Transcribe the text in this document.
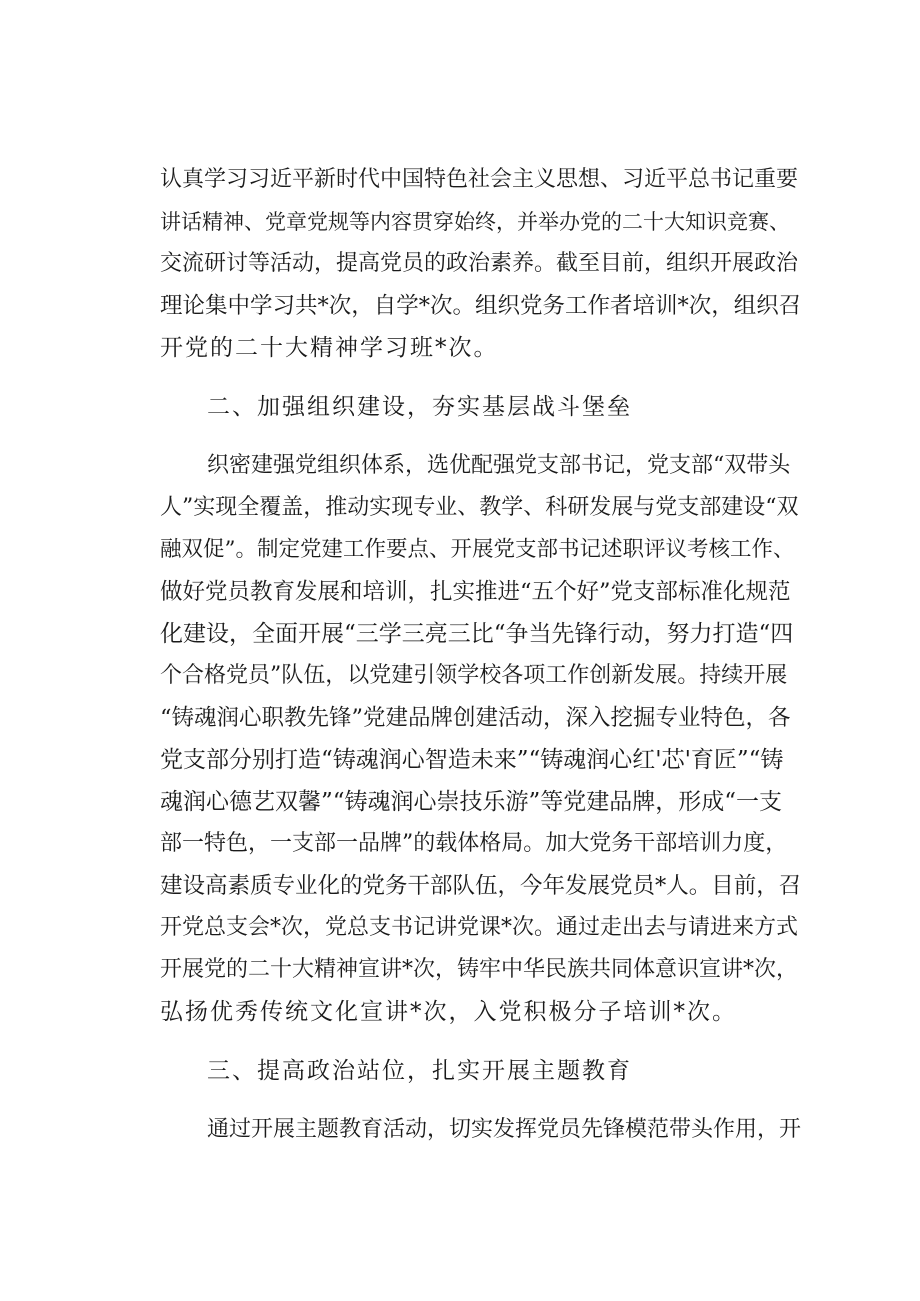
认真学习习近平新时代中国特色社会主义思想、习近平总书记重要
讲话精神、党章党规等内容贯穿始终，并举办党的二十大知识竞赛、
交流研讨等活动，提高党员的政治素养。截至目前，组织开展政治
理论集中学习共*次，自学*次。组织党务工作者培训*次，组织召
开党的二十大精神学习班*次。
二、加强组织建设，夯实基层战斗堡垒
织密建强党组织体系，选优配强党支部书记，党支部“双带头
人”实现全覆盖，推动实现专业、教学、科研发展与党支部建设“双
融双促”。制定党建工作要点、开展党支部书记述职评议考核工作、
做好党员教育发展和培训，扎实推进“五个好”党支部标准化规范
化建设，全面开展“三学三亮三比“争当先锋行动，努力打造“四
个合格党员”队伍，以党建引领学校各项工作创新发展。持续开展
“铸魂润心职教先锋”党建品牌创建活动，深入挖掘专业特色，各
党支部分别打造“铸魂润心智造未来”“铸魂润心红'芯'育匠”“铸
魂润心德艺双馨”“铸魂润心崇技乐游”等党建品牌，形成“一支
部一特色，一支部一品牌”的载体格局。加大党务干部培训力度，
建设高素质专业化的党务干部队伍，今年发展党员*人。目前，召
开党总支会*次，党总支书记讲党课*次。通过走出去与请进来方式
开展党的二十大精神宣讲*次，铸牢中华民族共同体意识宣讲*次，
弘扬优秀传统文化宣讲*次，入党积极分子培训*次。
三、提高政治站位，扎实开展主题教育
通过开展主题教育活动，切实发挥党员先锋模范带头作用，开
